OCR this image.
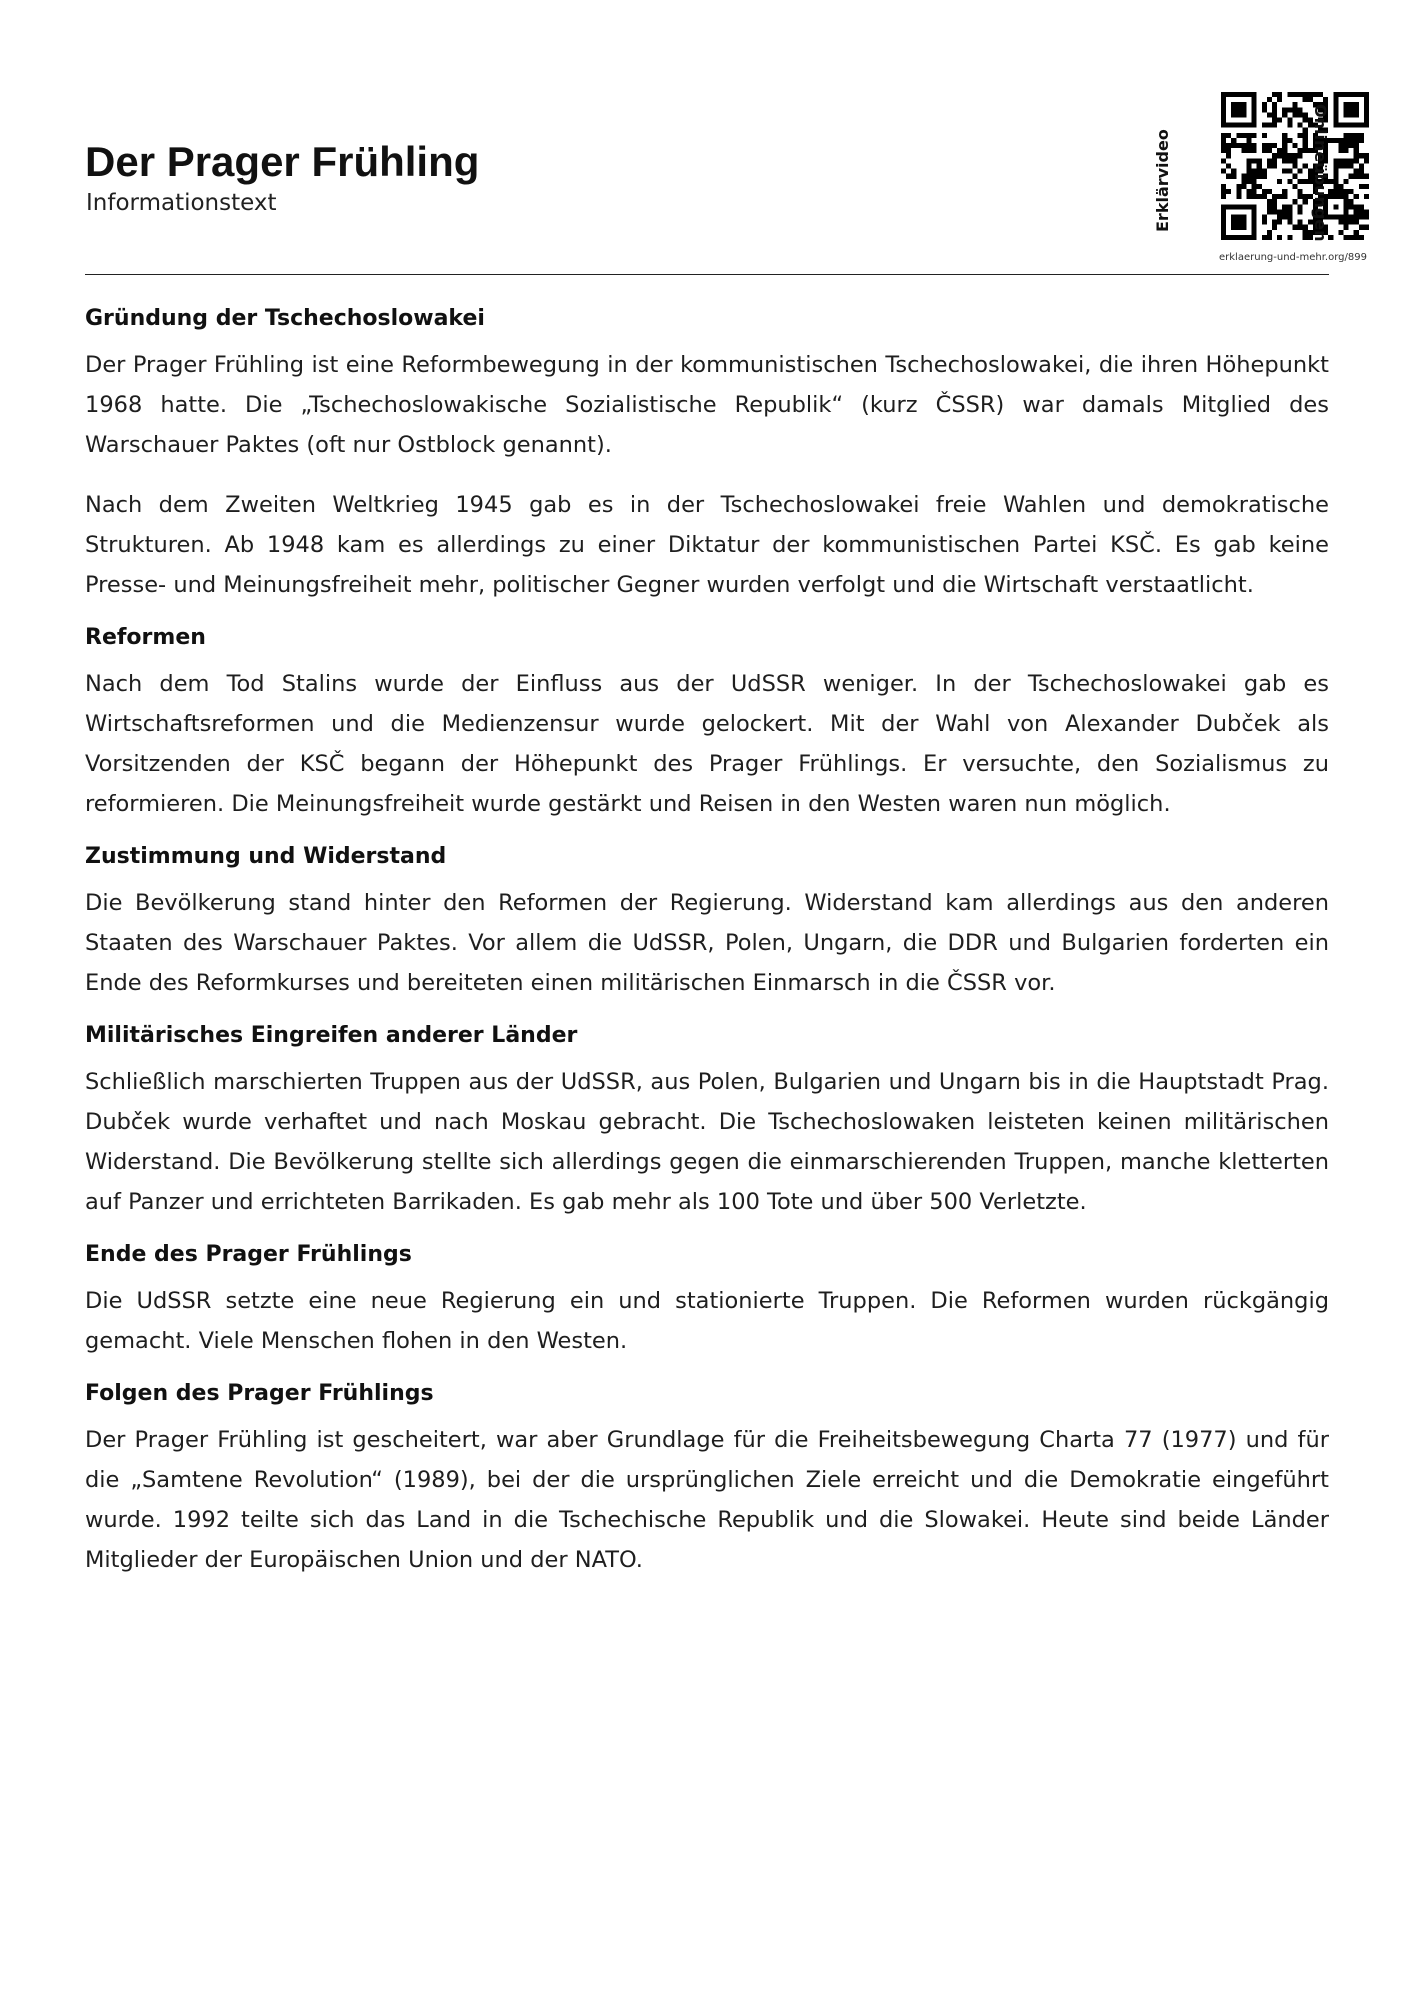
Der Prager Frühling
Informationstext	Erklärvideo	Onlineübungen
erklaerung-und-mehr.org/899
Gründung der Tschechoslowakei

Der Prager Frühling ist eine Reformbewegung in der kommunistischen Tschechoslowakei, die ihren Höhepunkt 1968 hatte. Die „Tschechoslowakische Sozialistische Republik“ (kurz ČSSR) war damals Mitglied des Warschauer Paktes (oft nur Ostblock genannt).

Nach dem Zweiten Weltkrieg 1945 gab es in der Tschechoslowakei freie Wahlen und demokratische Strukturen. Ab 1948 kam es allerdings zu einer Diktatur der kommunistischen Partei KSČ. Es gab keine Presse- und Meinungsfreiheit mehr, politischer Gegner wurden verfolgt und die Wirtschaft verstaatlicht.

Reformen

Nach dem Tod Stalins wurde der Einfluss aus der UdSSR weniger. In der Tschechoslowakei gab es Wirtschaftsreformen und die Medienzensur wurde gelockert. Mit der Wahl von Alexander Dubček als Vorsitzenden der KSČ begann der Höhepunkt des Prager Frühlings. Er versuchte, den Sozialismus zu reformieren. Die Meinungsfreiheit wurde gestärkt und Reisen in den Westen waren nun möglich.

Zustimmung und Widerstand

Die Bevölkerung stand hinter den Reformen der Regierung. Widerstand kam allerdings aus den anderen Staaten des Warschauer Paktes. Vor allem die UdSSR, Polen, Ungarn, die DDR und Bulgarien forderten ein Ende des Reformkurses und bereiteten einen militärischen Einmarsch in die ČSSR vor.

Militärisches Eingreifen anderer Länder

Schließlich marschierten Truppen aus der UdSSR, aus Polen, Bulgarien und Ungarn bis in die Hauptstadt Prag. Dubček wurde verhaftet und nach Moskau gebracht. Die Tschechoslowaken leisteten keinen militärischen Widerstand. Die Bevölkerung stellte sich allerdings gegen die einmarschierenden Truppen, manche kletterten auf Panzer und errichteten Barrikaden. Es gab mehr als 100 Tote und über 500 Verletzte.

Ende des Prager Frühlings

Die UdSSR setzte eine neue Regierung ein und stationierte Truppen. Die Reformen wurden rückgängig gemacht. Viele Menschen flohen in den Westen.

Folgen des Prager Frühlings

Der Prager Frühling ist gescheitert, war aber Grundlage für die Freiheitsbewegung Charta 77 (1977) und für die „Samtene Revolution“ (1989), bei der die ursprünglichen Ziele erreicht und die Demokratie eingeführt wurde. 1992 teilte sich das Land in die Tschechische Republik und die Slowakei. Heute sind beide Länder Mitglieder der Europäischen Union und der NATO.
